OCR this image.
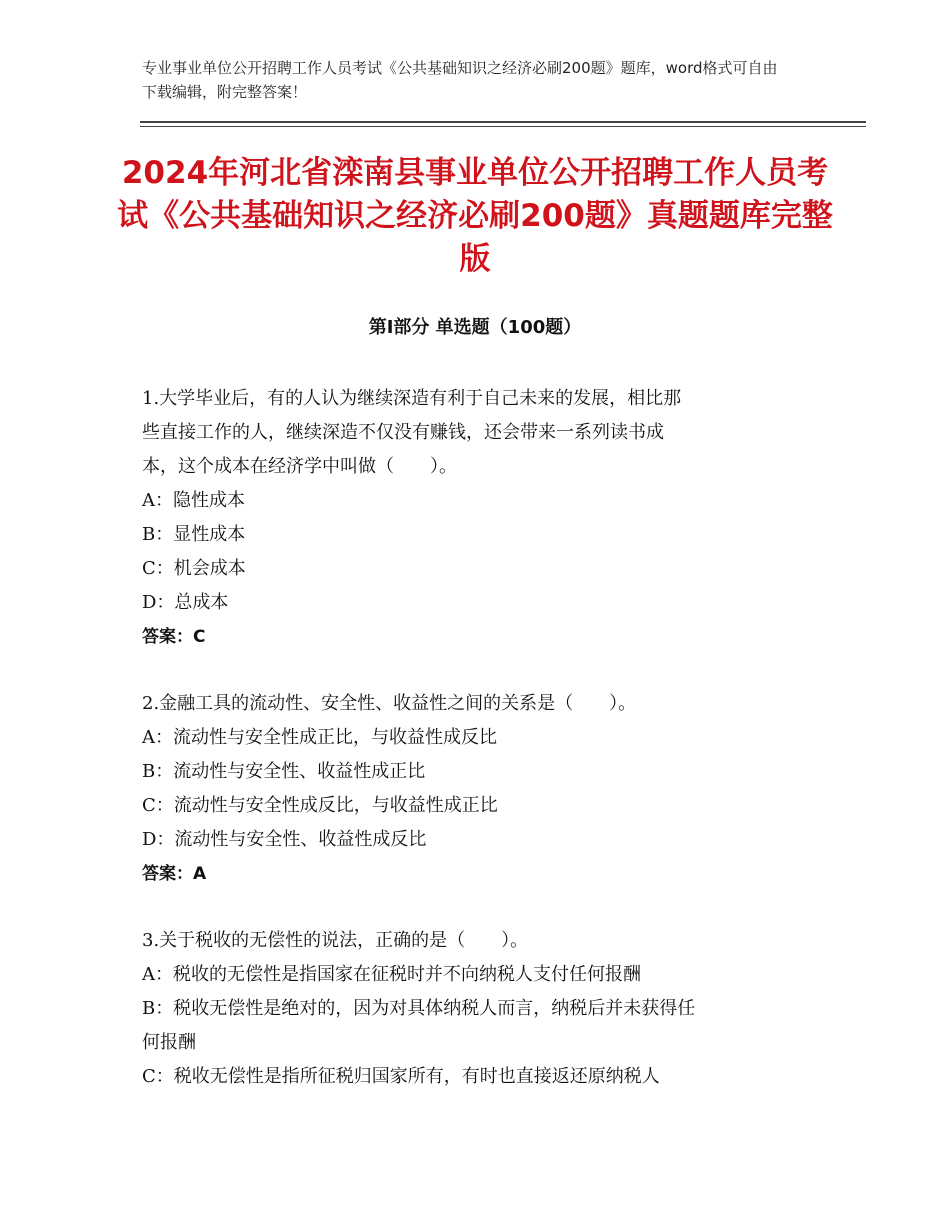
专业事业单位公开招聘工作人员考试《公共基础知识之经济必刷200题》题库，word格式可自由下载编辑，附完整答案！
2024年河北省滦南县事业单位公开招聘工作人员考试《公共基础知识之经济必刷200题》真题题库完整版
第Ⅰ部分 单选题（100题）
1.大学毕业后，有的人认为继续深造有利于自己未来的发展，相比那
些直接工作的人，继续深造不仅没有赚钱，还会带来一系列读书成
本，这个成本在经济学中叫做（　　）。
A：隐性成本
B：显性成本
C：机会成本
D：总成本
答案：C
2.金融工具的流动性、安全性、收益性之间的关系是（　　）。
A：流动性与安全性成正比，与收益性成反比
B：流动性与安全性、收益性成正比
C：流动性与安全性成反比，与收益性成正比
D：流动性与安全性、收益性成反比
答案：A
3.关于税收的无偿性的说法，正确的是（　　）。
A：税收的无偿性是指国家在征税时并不向纳税人支付任何报酬
B：税收无偿性是绝对的，因为对具体纳税人而言，纳税后并未获得任
何报酬
C：税收无偿性是指所征税归国家所有，有时也直接返还原纳税人
